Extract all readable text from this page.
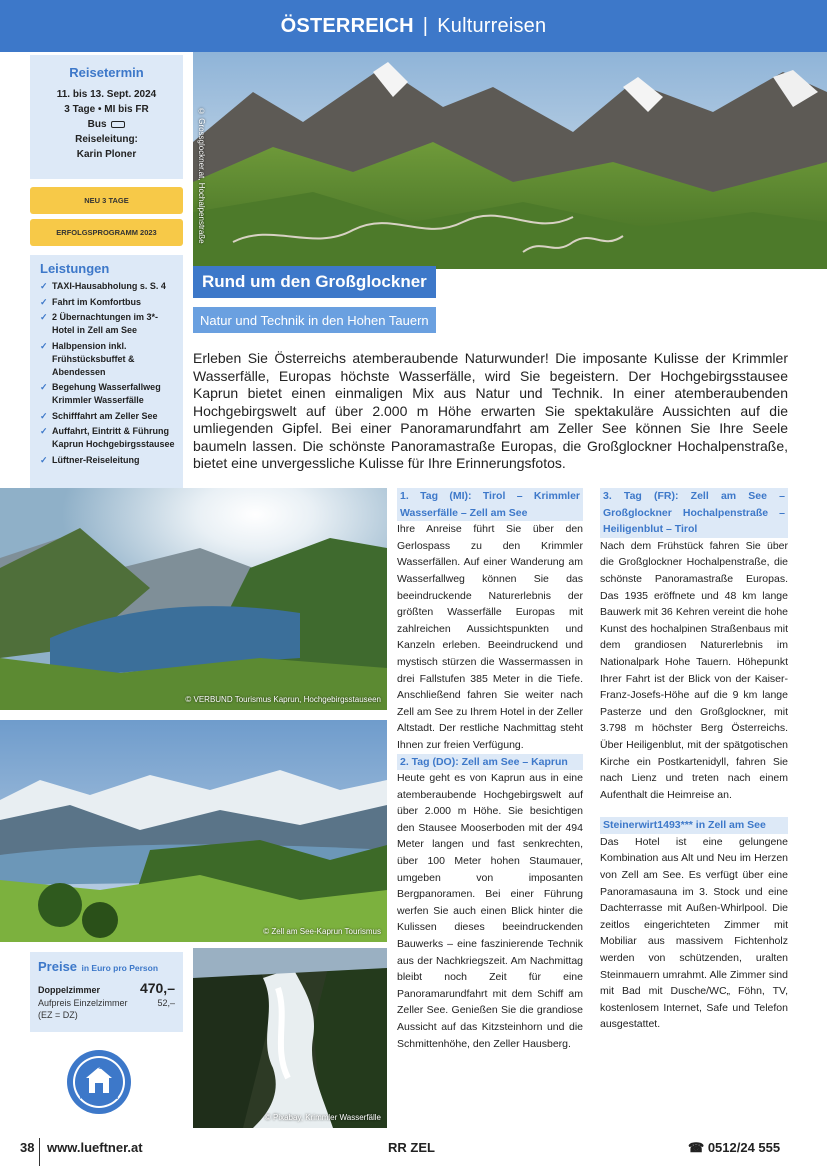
ÖSTERREICH | Kulturreisen
© Grossglockner.at, Hochalpenstraße
Reisetermin
11. bis 13. Sept. 2024
3 Tage • MI bis FR
Bus
Reiseleitung:
Karin Ploner
NEU 3 TAGE
ERFOLGSPROGRAMM 2023
Leistungen
✓ TAXI-Hausabholung s. S. 4
✓ Fahrt im Komfortbus
✓ 2 Übernachtungen im 3*-Hotel in Zell am See
✓ Halbpension inkl. Frühstücksbuffet & Abendessen
✓ Begehung Wasserfallweg Krimmler Wasserfälle
✓ Schifffahrt am Zeller See
✓ Auffahrt, Eintritt & Führung Kaprun Hochgebirgsstausee
✓ Lüftner-Reiseleitung
Rund um den Großglockner
Natur und Technik in den Hohen Tauern
Erleben Sie Österreichs atemberaubende Naturwunder! Die imposante Kulisse der Krimmler Wasserfälle, Europas höchste Wasserfälle, wird Sie begeistern. Der Hochgebirgsstausee Kaprun bietet einen einmaligen Mix aus Natur und Technik. In einer atemberaubenden Hochgebirgswelt auf über 2.000 m Höhe erwarten Sie spektakuläre Aussichten auf die umliegenden Gipfel. Bei einer Panoramarundfahrt am Zeller See können Sie Ihre Seele baumeln lassen. Die schönste Panoramastraße Europas, die Großglockner Hochalpenstraße, bietet eine unvergessliche Kulisse für Ihre Erinnerungsfotos.
© VERBUND Tourismus Kaprun, Hochgebirgsstauseen
© Zell am See-Kaprun Tourismus
© Pixabay, Krimmler Wasserfälle
1. Tag (MI): Tirol – Krimmler Wasserfälle – Zell am See
Ihre Anreise führt Sie über den Gerlospass zu den Krimmler Wasserfällen. Auf einer Wanderung am Wasserfallweg können Sie das beeindruckende Naturerlebnis der größten Wasserfälle Europas mit zahlreichen Aussichtspunkten und Kanzeln erleben. Beeindruckend und mystisch stürzen die Wassermassen in drei Fallstufen 385 Meter in die Tiefe. Anschließend fahren Sie weiter nach Zell am See zu Ihrem Hotel in der Zeller Altstadt. Der restliche Nachmittag steht Ihnen zur freien Verfügung.
2. Tag (DO): Zell am See – Kaprun
Heute geht es von Kaprun aus in eine atemberaubende Hochgebirgswelt auf über 2.000 m Höhe. Sie besichtigen den Stausee Mooserboden mit der 494 Meter langen und fast senkrechten, über 100 Meter hohen Staumauer, umgeben von imposanten Bergpanoramen. Bei einer Führung werfen Sie auch einen Blick hinter die Kulissen dieses beeindruckenden Bauwerks – eine faszinierende Technik aus der Nachkriegszeit. Am Nachmittag bleibt noch Zeit für eine Panoramarundfahrt mit dem Schiff am Zeller See. Genießen Sie die grandiose Aussicht auf das Kitzsteinhorn und die Schmittenhöhe, den Zeller Hausberg.
3. Tag (FR): Zell am See – Großglockner Hochalpenstraße – Heiligenblut – Tirol
Nach dem Frühstück fahren Sie über die Großglockner Hochalpenstraße, die schönste Panoramastraße Europas. Das 1935 eröffnete und 48 km lange Bauwerk mit 36 Kehren vereint die hohe Kunst des hochalpinen Straßenbaus mit dem grandiosen Naturerlebnis im Nationalpark Hohe Tauern. Höhepunkt Ihrer Fahrt ist der Blick von der Kaiser-Franz-Josefs-Höhe auf die 9 km lange Pasterze und den Großglockner, mit 3.798 m höchster Berg Österreichs. Über Heiligenblut, mit der spätgotischen Kirche ein Postkartenidyll, fahren Sie nach Lienz und treten nach einem Aufenthalt die Heimreise an.
Steinerwirt1493*** in Zell am See
Das Hotel ist eine gelungene Kombination aus Alt und Neu im Herzen von Zell am See. Es verfügt über eine Panoramasauna im 3. Stock und eine Dachterrasse mit Außen-Whirlpool. Die zeitlos eingerichteten Zimmer mit Mobiliar aus massivem Fichtenholz werden von schützenden, uralten Steinmauern umrahmt. Alle Zimmer sind mit Bad mit Dusche/WC„ Föhn, TV, kostenlosem Internet, Safe und Telefon ausgestattet.
Preise in Euro pro Person
Doppelzimmer	470,–
Aufpreis Einzelzimmer (EZ = DZ)
52,–
TAXI
HAUSABHOLUNG
38 www.lueftner.at	RR ZEL	☎ 0512/24 555
